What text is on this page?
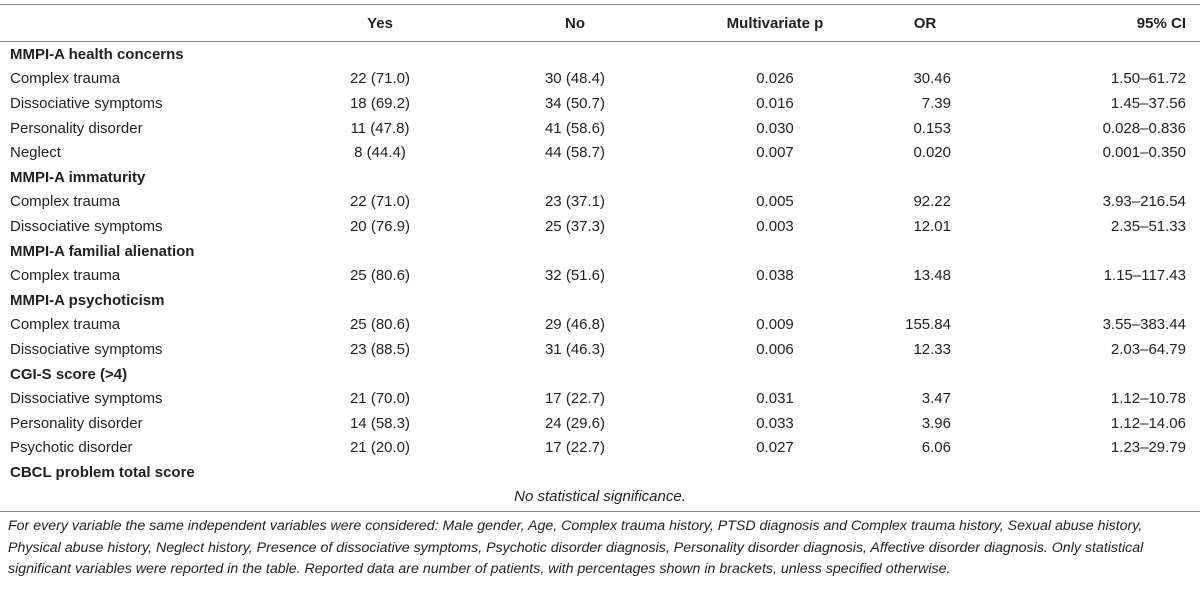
	Yes	No	Multivariate p	OR	95% CI
MMPI-A health concerns					
Complex trauma	22 (71.0)	30 (48.4)	0.026	30.46	1.50–61.72
Dissociative symptoms	18 (69.2)	34 (50.7)	0.016	7.39	1.45–37.56
Personality disorder	11 (47.8)	41 (58.6)	0.030	0.153	0.028–0.836
Neglect	8 (44.4)	44 (58.7)	0.007	0.020	0.001–0.350
MMPI-A immaturity					
Complex trauma	22 (71.0)	23 (37.1)	0.005	92.22	3.93–216.54
Dissociative symptoms	20 (76.9)	25 (37.3)	0.003	12.01	2.35–51.33
MMPI-A familial alienation					
Complex trauma	25 (80.6)	32 (51.6)	0.038	13.48	1.15–117.43
MMPI-A psychoticism					
Complex trauma	25 (80.6)	29 (46.8)	0.009	155.84	3.55–383.44
Dissociative symptoms	23 (88.5)	31 (46.3)	0.006	12.33	2.03–64.79
CGI-S score (>4)					
Dissociative symptoms	21 (70.0)	17 (22.7)	0.031	3.47	1.12–10.78
Personality disorder	14 (58.3)	24 (29.6)	0.033	3.96	1.12–14.06
Psychotic disorder	21 (20.0)	17 (22.7)	0.027	6.06	1.23–29.79
CBCL problem total score					
No statistical significance.					
For every variable the same independent variables were considered: Male gender, Age, Complex trauma history, PTSD diagnosis and Complex trauma history, Sexual abuse history, Physical abuse history, Neglect history, Presence of dissociative symptoms, Psychotic disorder diagnosis, Personality disorder diagnosis, Affective disorder diagnosis. Only statistical significant variables were reported in the table. Reported data are number of patients, with percentages shown in brackets, unless specified otherwise.
